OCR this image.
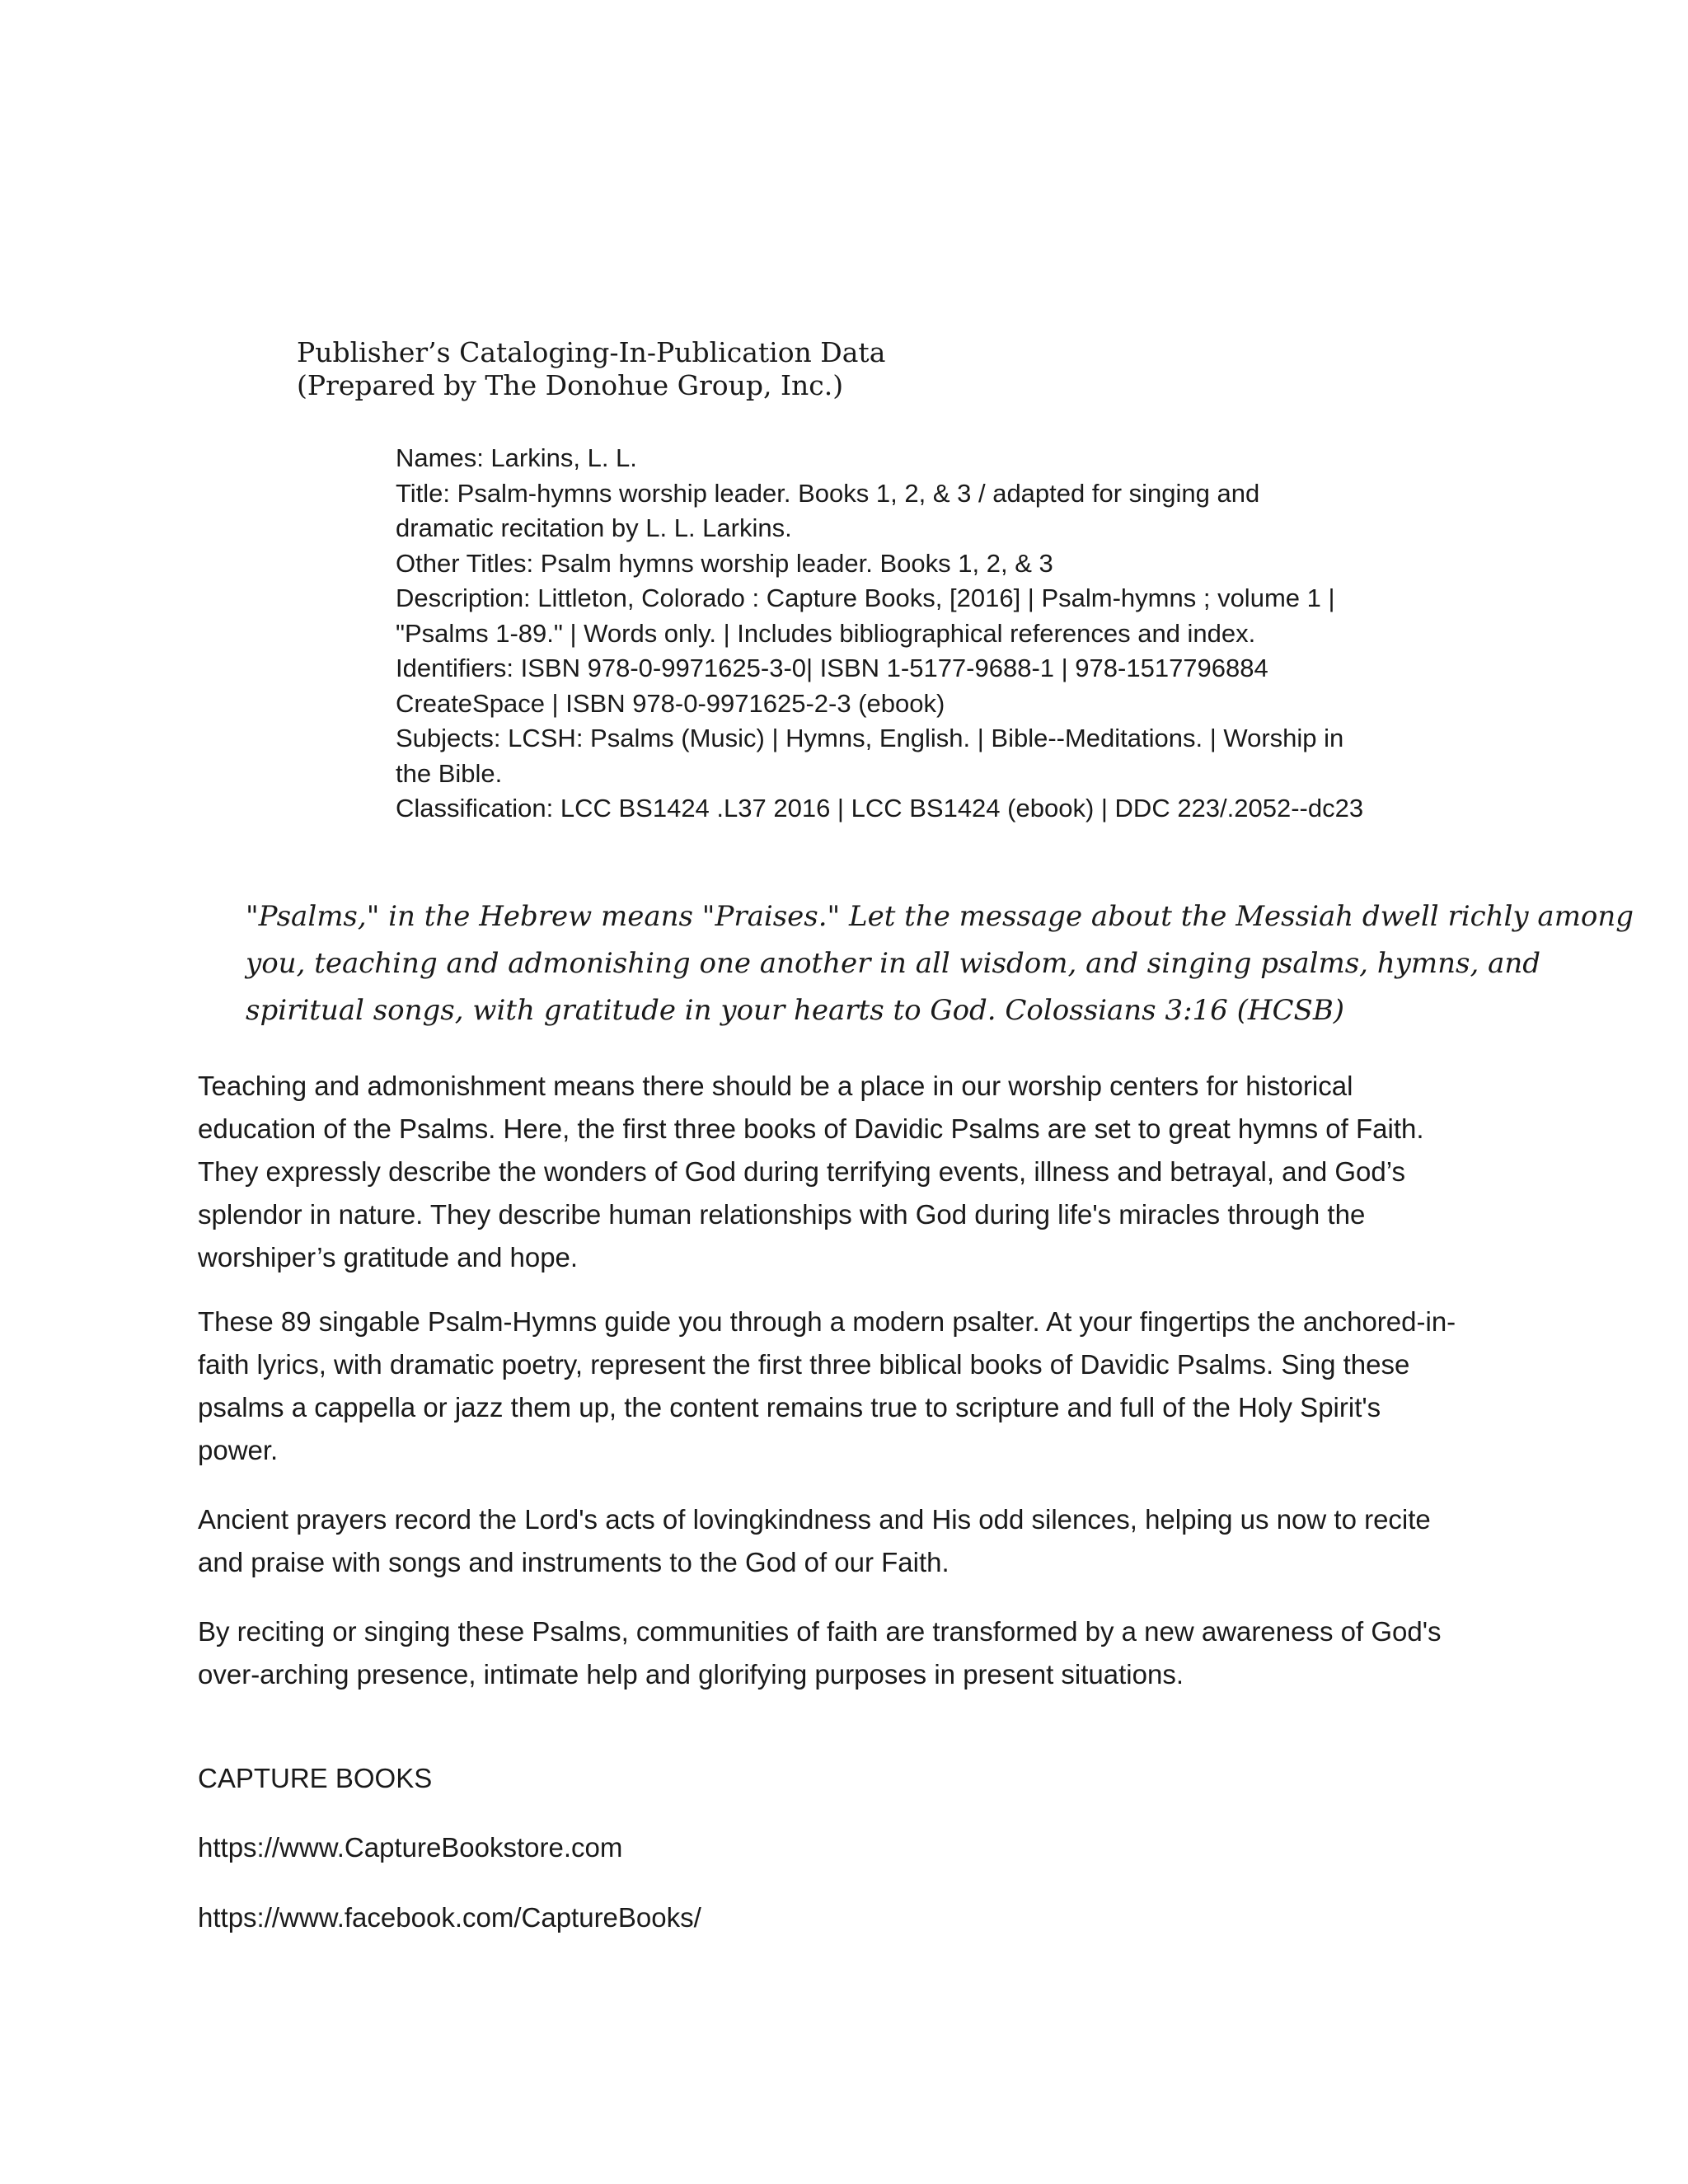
Publisher’s Cataloging-In-Publication Data
(Prepared by The Donohue Group, Inc.)
Names: Larkins, L. L.
Title: Psalm-hymns worship leader. Books 1, 2, & 3 / adapted for singing and
dramatic recitation by L. L. Larkins.
Other Titles: Psalm hymns worship leader. Books 1, 2, & 3
Description: Littleton, Colorado : Capture Books, [2016] | Psalm-hymns ; volume 1 |
"Psalms 1-89." | Words only. | Includes bibliographical references and index.
Identifiers: ISBN 978-0-9971625-3-0| ISBN 1-5177-9688-1 | 978-1517796884
CreateSpace | ISBN 978-0-9971625-2-3 (ebook)
Subjects: LCSH: Psalms (Music) | Hymns, English. | Bible--Meditations. | Worship in
the Bible.
Classification: LCC BS1424 .L37 2016 | LCC BS1424 (ebook) | DDC 223/.2052--dc23
"Psalms," in the Hebrew means "Praises." Let the message about the Messiah dwell richly among
you, teaching and admonishing one another in all wisdom, and singing psalms, hymns, and
spiritual songs, with gratitude in your hearts to God. Colossians 3:16 (HCSB)
Teaching and admonishment means there should be a place in our worship centers for historical
education of the Psalms. Here, the first three books of Davidic Psalms are set to great hymns of Faith.
They expressly describe the wonders of God during terrifying events, illness and betrayal, and God’s
splendor in nature. They describe human relationships with God during life's miracles through the
worshiper’s gratitude and hope.
These 89 singable Psalm-Hymns guide you through a modern psalter. At your fingertips the anchored-in-
faith lyrics, with dramatic poetry, represent the first three biblical books of Davidic Psalms. Sing these
psalms a cappella or jazz them up, the content remains true to scripture and full of the Holy Spirit's
power.
Ancient prayers record the Lord's acts of lovingkindness and His odd silences, helping us now to recite
and praise with songs and instruments to the God of our Faith.
By reciting or singing these Psalms, communities of faith are transformed by a new awareness of God's
over-arching presence, intimate help and glorifying purposes in present situations.
CAPTURE BOOKS
https://www.CaptureBookstore.com
https://www.facebook.com/CaptureBooks/
